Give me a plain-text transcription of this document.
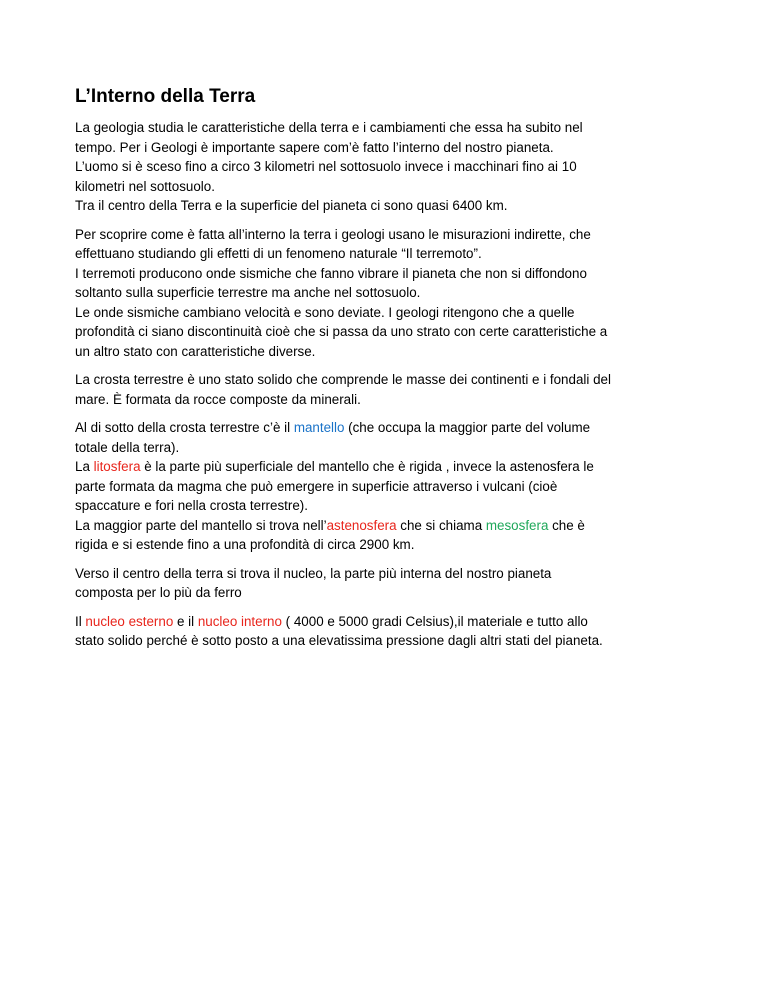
L’Interno della Terra

La geologia studia le caratteristiche della terra e i cambiamenti che essa ha subito nel
tempo. Per i Geologi è importante sapere com’è fatto l’interno del nostro pianeta.
L’uomo si è sceso fino a circo 3 kilometri nel sottosuolo invece i macchinari fino ai 10
kilometri nel sottosuolo.
Tra il centro della Terra e la superficie del pianeta ci sono quasi 6400 km.

Per scoprire come è fatta all’interno la terra i geologi usano le misurazioni indirette, che
effettuano studiando gli effetti di un fenomeno naturale “Il terremoto”.
I terremoti producono onde sismiche che fanno vibrare il pianeta che non si diffondono
soltanto sulla superficie terrestre ma anche nel sottosuolo.
Le onde sismiche cambiano velocità e sono deviate. I geologi ritengono che a quelle
profondità ci siano discontinuità cioè che si passa da uno strato con certe caratteristiche a
un altro stato con caratteristiche diverse.

La crosta terrestre è uno stato solido che comprende le masse dei continenti e i fondali del
mare. È formata da rocce composte da minerali.

Al di sotto della crosta terrestre c’è il mantello (che occupa la maggior parte del volume
totale della terra).
La litosfera è la parte più superficiale del mantello che è rigida , invece la astenosfera le
parte formata da magma che può emergere in superficie attraverso i vulcani (cioè
spaccature e fori nella crosta terrestre).
La maggior parte del mantello si trova nell’astenosfera che si chiama mesosfera che è
rigida e si estende fino a una profondità di circa 2900 km.

Verso il centro della terra si trova il nucleo, la parte più interna del nostro pianeta
composta per lo più da ferro

Il nucleo esterno e il nucleo interno ( 4000 e 5000 gradi Celsius),il materiale e tutto allo
stato solido perché è sotto posto a una elevatissima pressione dagli altri stati del pianeta.
